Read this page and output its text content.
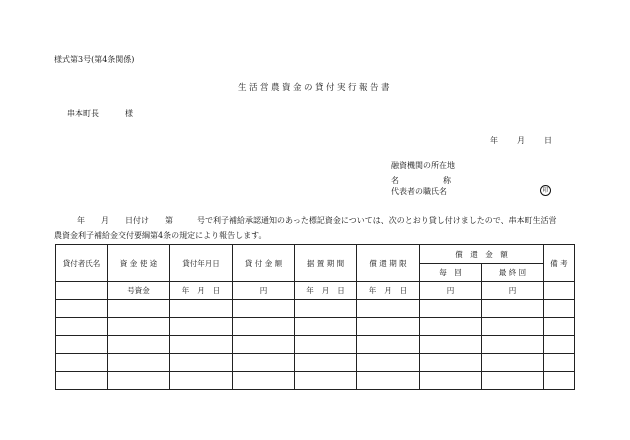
様式第3号(第4条関係)
生活営農資金の貸付実行報告書
串本町長	様
年 月 日
融資機関の所在地
名	称
代表者の職氏名	印
年　　月　　日付け　　第　　　号で利子補給承認通知のあった標記資金については、次のとおり貸し付けましたので、串本町生活営
農資金利子補給金交付要綱第4条の規定により報告します。
貸付者氏名	資 金 使 途	貸付年月日	貸 付 金 額	据 置 期 間	償 還 期 限	償　還　金　額		備 考
						毎　回	最 終 回	
	号資金	年 月 日	円	年 月 日	年 月 日	円	円	
